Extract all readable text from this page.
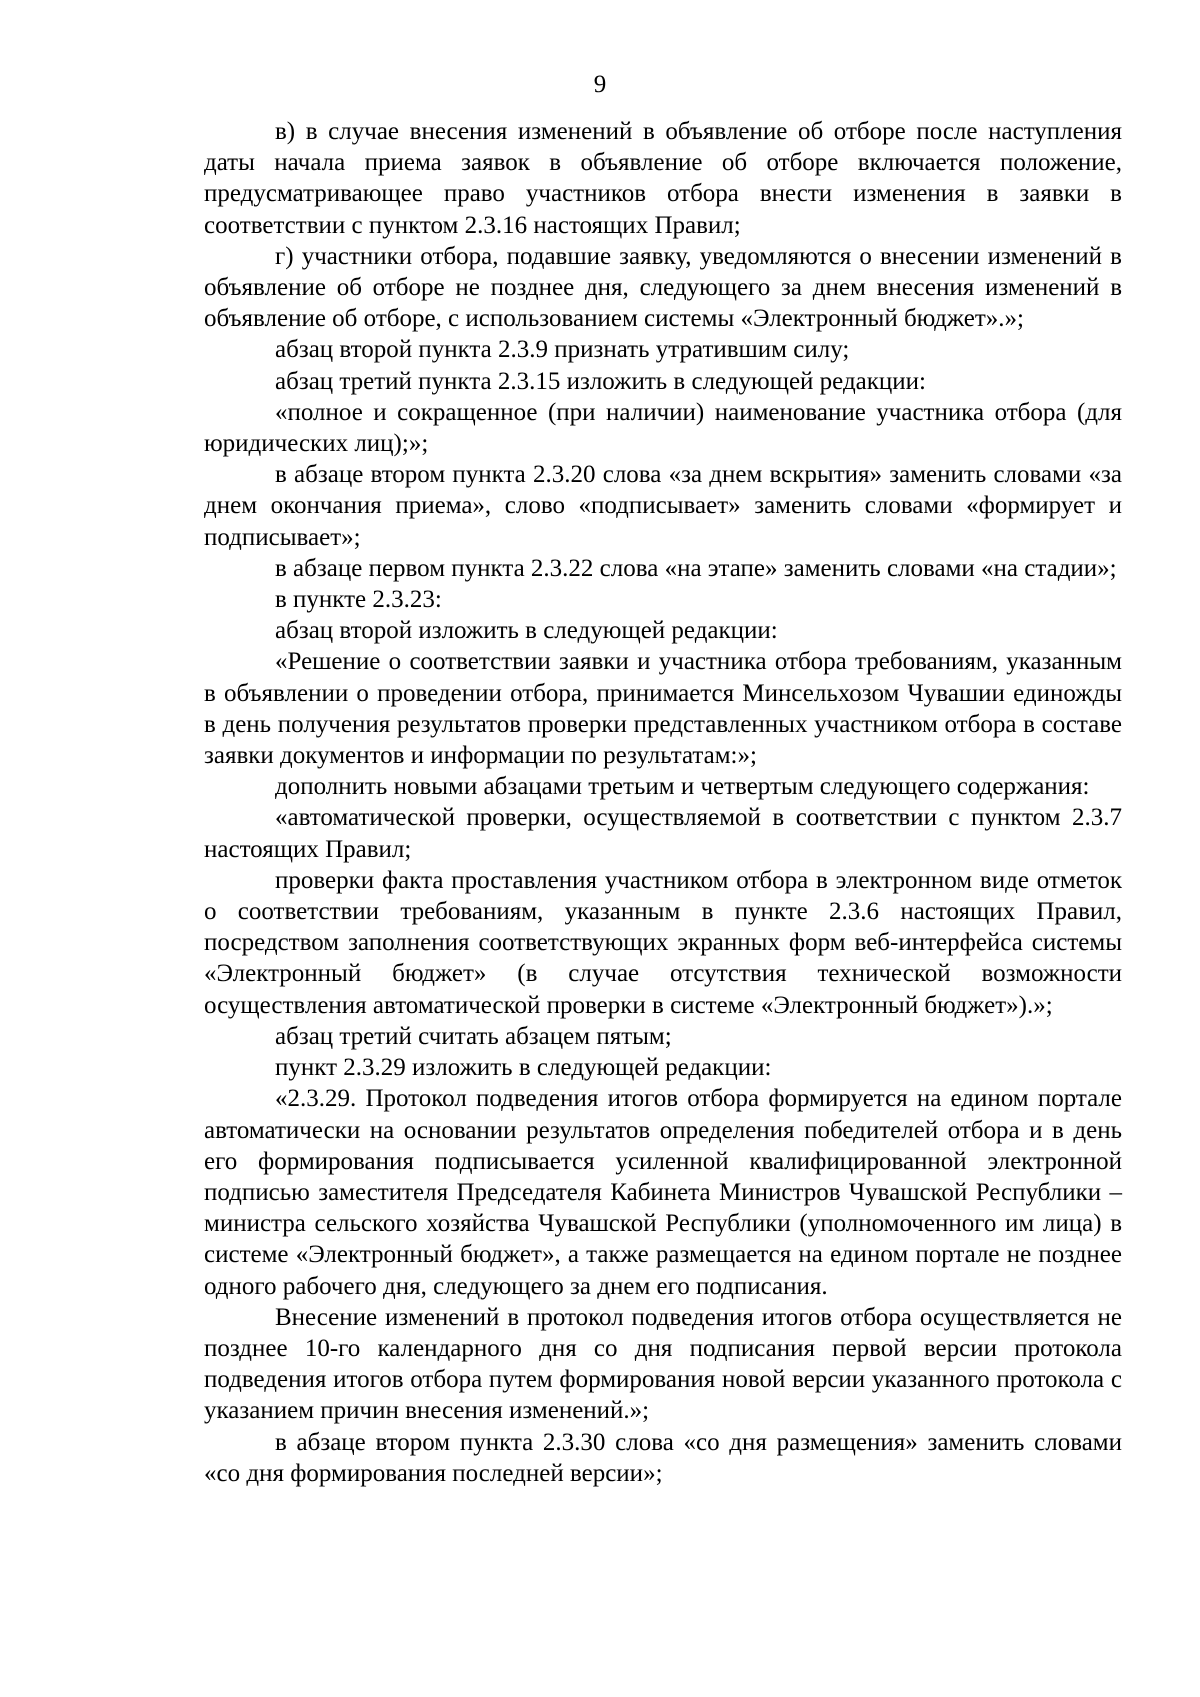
9

в) в случае внесения изменений в объявление об отборе после наступления даты начала приема заявок в объявление об отборе включается положение, предусматривающее право участников отбора внести изменения в заявки в соответствии с пунктом 2.3.16 настоящих Правил;

г) участники отбора, подавшие заявку, уведомляются о внесении изменений в объявление об отборе не позднее дня, следующего за днем внесения изменений в объявление об отборе, с использованием системы «Электронный бюджет».»;

абзац второй пункта 2.3.9 признать утратившим силу;

абзац третий пункта 2.3.15 изложить в следующей редакции:

«полное и сокращенное (при наличии) наименование участника отбора (для юридических лиц);»;

в абзаце втором пункта 2.3.20 слова «за днем вскрытия» заменить словами «за днем окончания приема», слово «подписывает» заменить словами «формирует и подписывает»;

в абзаце первом пункта 2.3.22 слова «на этапе» заменить словами «на стадии»;

в пункте 2.3.23:

абзац второй изложить в следующей редакции:

«Решение о соответствии заявки и участника отбора требованиям, указанным в объявлении о проведении отбора, принимается Минсельхозом Чувашии единожды в день получения результатов проверки представленных участником отбора в составе заявки документов и информации по результатам:»;

дополнить новыми абзацами третьим и четвертым следующего содержания:

«автоматической проверки, осуществляемой в соответствии с пунктом 2.3.7 настоящих Правил;

проверки факта проставления участником отбора в электронном виде отметок о соответствии требованиям, указанным в пункте 2.3.6 настоящих Правил, посредством заполнения соответствующих экранных форм веб-интерфейса системы «Электронный бюджет» (в случае отсутствия технической возможности осуществления автоматической проверки в системе «Электронный бюджет»).»;

абзац третий считать абзацем пятым;

пункт 2.3.29 изложить в следующей редакции:

«2.3.29. Протокол подведения итогов отбора формируется на едином портале автоматически на основании результатов определения победителей отбора и в день его формирования подписывается усиленной квалифицированной электронной подписью заместителя Председателя Кабинета Министров Чувашской Республики – министра сельского хозяйства Чувашской Республики (уполномоченного им лица) в системе «Электронный бюджет», а также размещается на едином портале не позднее одного рабочего дня, следующего за днем его подписания.

Внесение изменений в протокол подведения итогов отбора осуществляется не позднее 10-го календарного дня со дня подписания первой версии протокола подведения итогов отбора путем формирования новой версии указанного протокола с указанием причин внесения изменений.»;

в абзаце втором пункта 2.3.30 слова «со дня размещения» заменить словами «со дня формирования последней версии»;
